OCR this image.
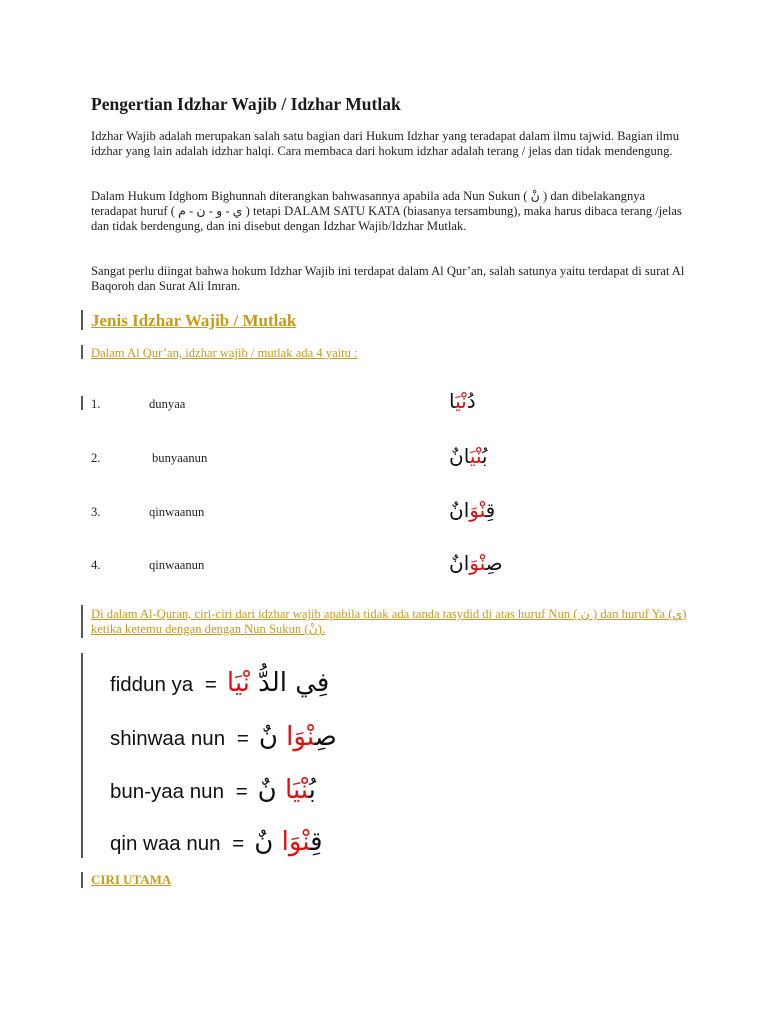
Pengertian Idzhar Wajib / Idzhar Mutlak
Idzhar Wajib adalah merupakan salah satu bagian dari Hukum Idzhar yang teradapat dalam ilmu tajwid. Bagian ilmu idzhar yang lain adalah idzhar halqi. Cara membaca dari hokum idzhar adalah terang / jelas dan tidak mendengung.
Dalam Hukum Idghom Bighunnah diterangkan bahwasannya apabila ada Nun Sukun ( نْ ) dan dibelakangnya teradapat huruf ( ي - و - ن - م ) tetapi DALAM SATU KATA (biasanya tersambung), maka harus dibaca terang /jelas dan tidak berdengung, dan ini disebut dengan Idzhar Wajib/Idzhar Mutlak.
Sangat perlu diingat bahwa hokum Idzhar Wajib ini terdapat dalam Al Qur’an, salah satunya yaitu terdapat di surat Al Baqoroh dan Surat Ali Imran.
Jenis Idzhar Wajib / Mutlak
Dalam Al Qur’an, idzhar wajib / mutlak ada 4 yaitu :
1.	dunyaa	دُنْيَا
2.	bunyaanun	بُنْيَانٌ
3.	qinwaanun	قِنْوَانٌ
4.	qinwaanun	صِنْوَانٌ
Di dalam Al-Quran, ciri-ciri dari idzhar wajib apabila tidak ada tanda tasydid di atas huruf Nun ( ن ) dan huruf Ya (ي) ketika ketemu dengan dengan Nun Sukun (نْ).
fiddun ya = فِي الدُّ نْيَا
shinwaa nun =	صِنْوَا نٌ
bun-yaa nun = بُنْيَا نٌ
qin waa nun =	قِنْوَا نٌ
CIRI UTAMA
